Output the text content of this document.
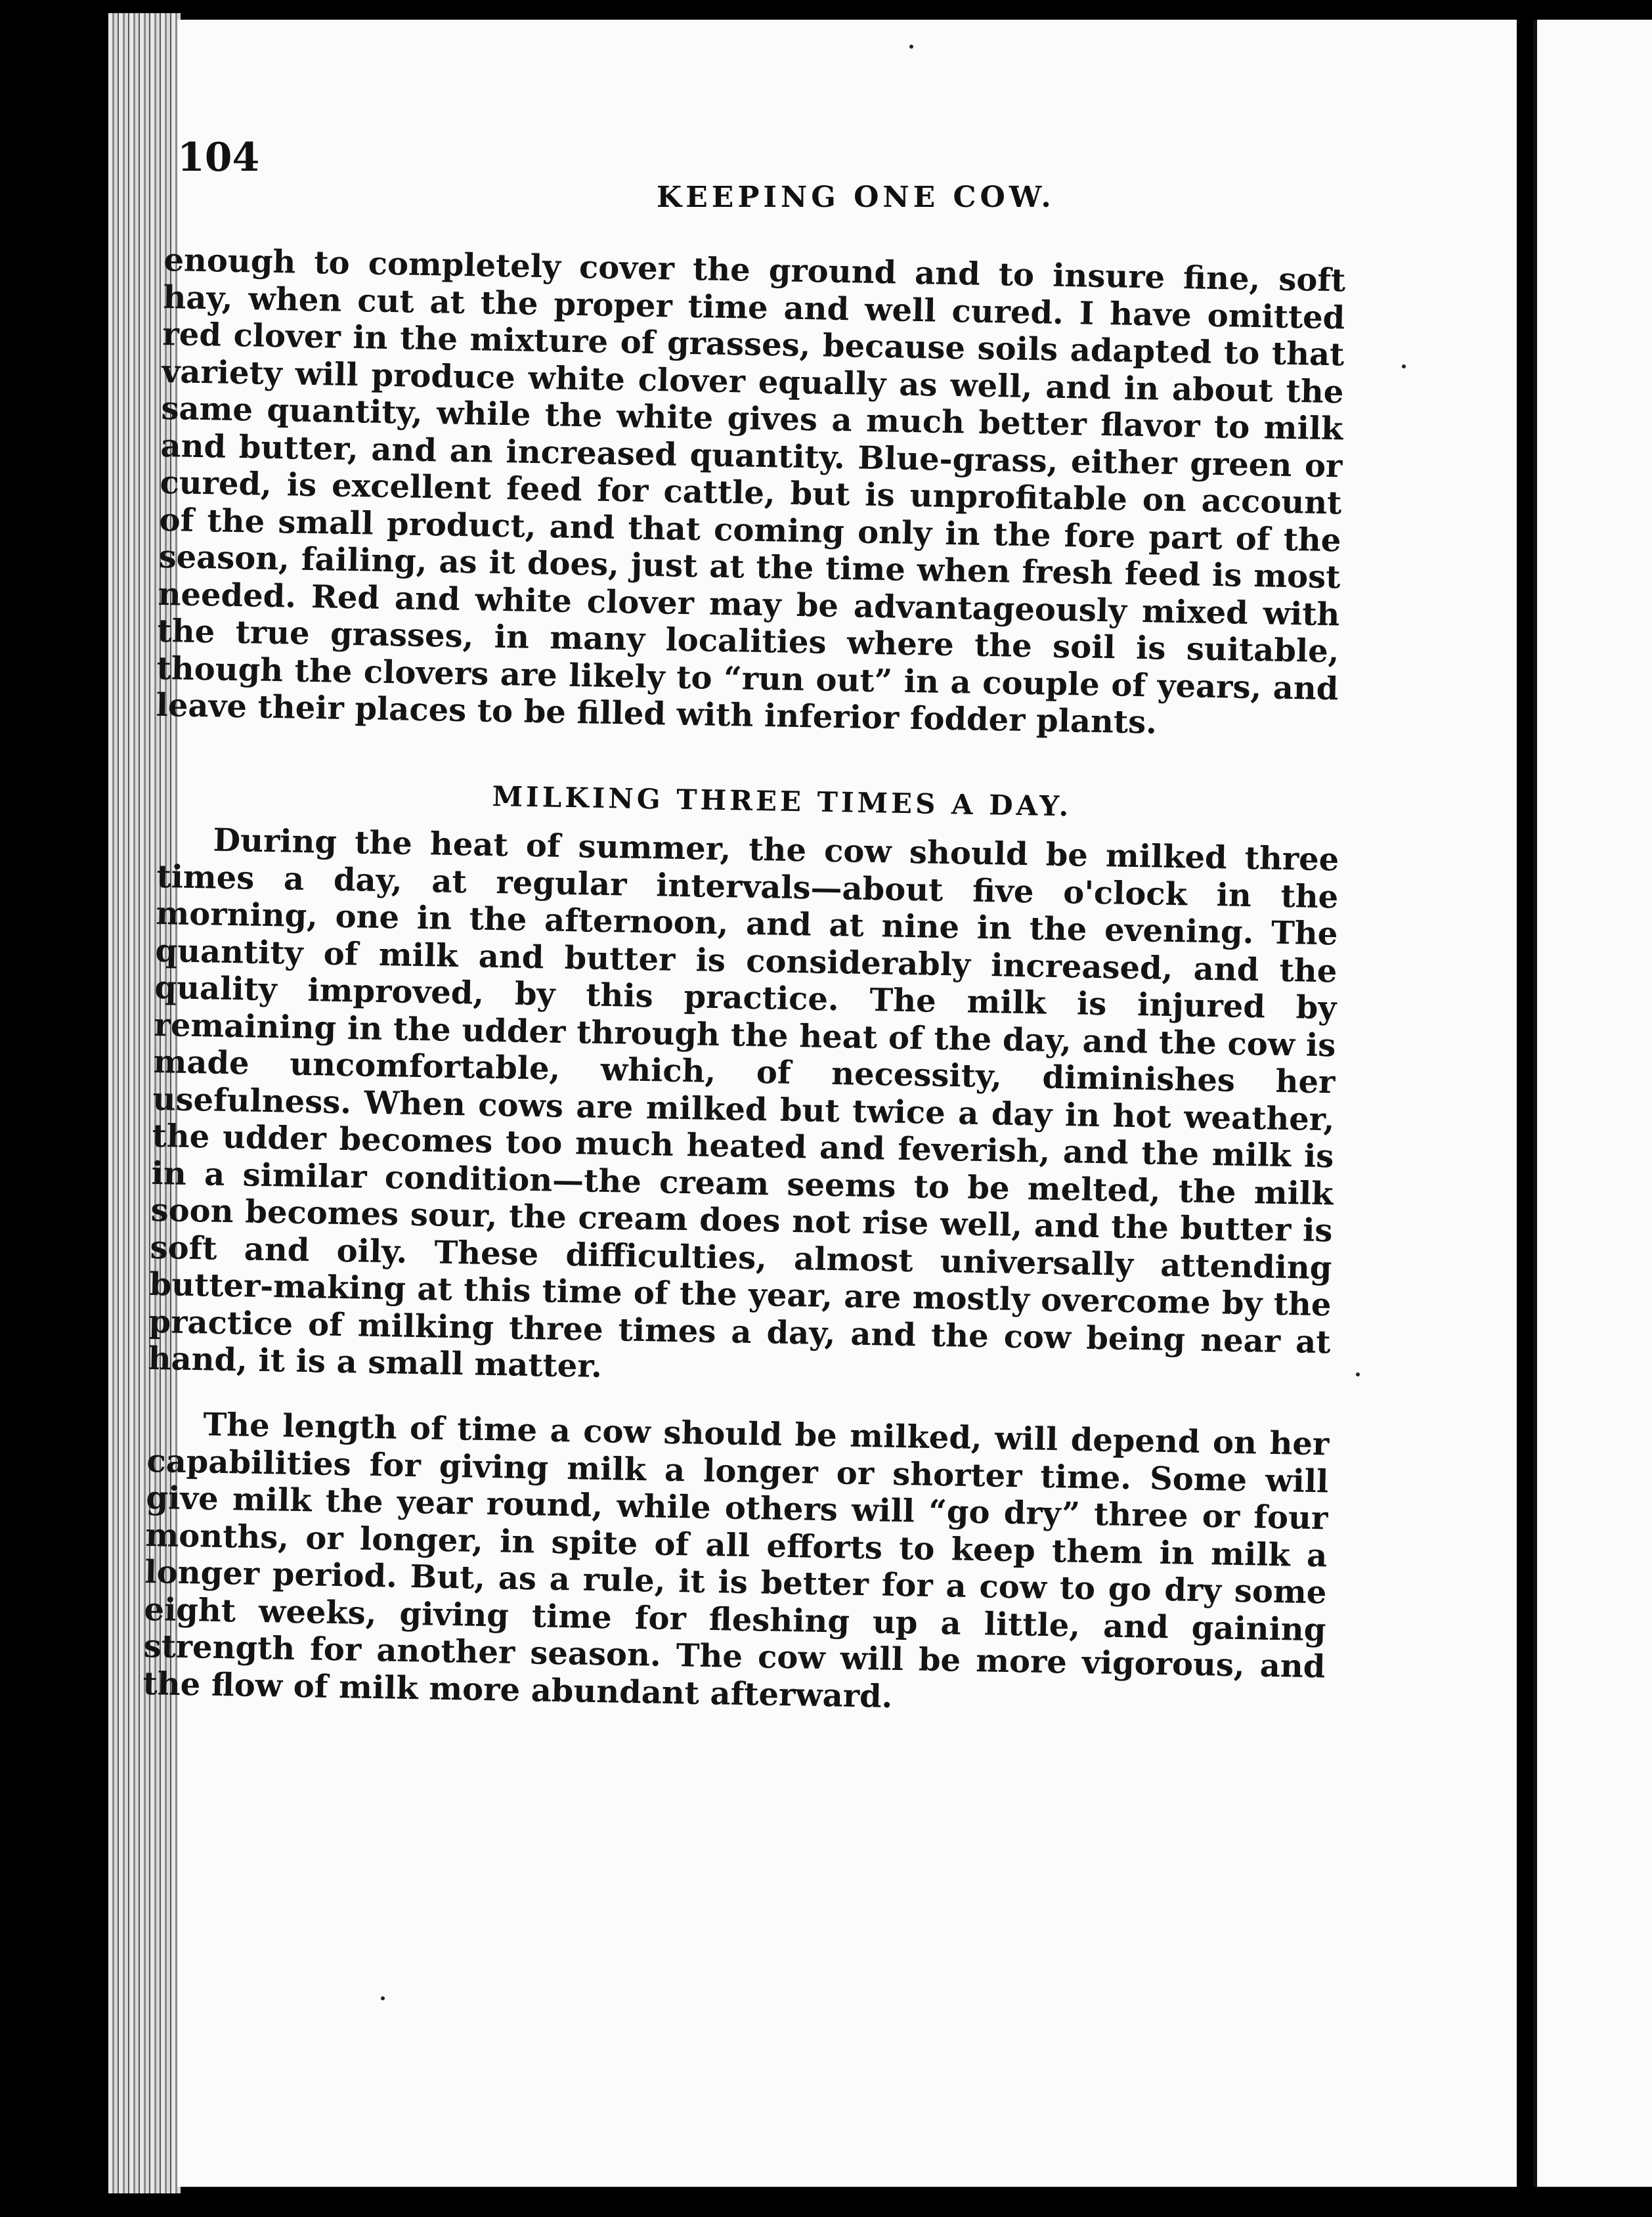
104
KEEPING ONE COW.
enough to completely cover the ground and to insure fine, soft hay, when cut at the proper time and well cured. I have omitted red clover in the mixture of grasses, because soils adapted to that variety will produce white clover equally as well, and in about the same quantity, while the white gives a much better flavor to milk and butter, and an increased quantity. Blue-grass, either green or cured, is excellent feed for cattle, but is unprofitable on account of the small product, and that coming only in the fore part of the season, failing, as it does, just at the time when fresh feed is most needed. Red and white clover may be advantageously mixed with the true grasses, in many localities where the soil is suitable, though the clovers are likely to “run out” in a couple of years, and leave their places to be filled with inferior fodder plants.
MILKING THREE TIMES A DAY.
During the heat of summer, the cow should be milked three times a day, at regular intervals—about five o'clock in the morning, one in the afternoon, and at nine in the evening. The quantity of milk and butter is considerably increased, and the quality improved, by this practice. The milk is injured by remaining in the udder through the heat of the day, and the cow is made uncomfortable, which, of necessity, diminishes her usefulness. When cows are milked but twice a day in hot weather, the udder becomes too much heated and feverish, and the milk is in a similar condition—the cream seems to be melted, the milk soon becomes sour, the cream does not rise well, and the butter is soft and oily. These difficulties, almost universally attending butter-making at this time of the year, are mostly overcome by the practice of milking three times a day, and the cow being near at hand, it is a small matter.
The length of time a cow should be milked, will depend on her capabilities for giving milk a longer or shorter time. Some will give milk the year round, while others will “go dry” three or four months, or longer, in spite of all efforts to keep them in milk a longer period. But, as a rule, it is better for a cow to go dry some eight weeks, giving time for fleshing up a little, and gaining strength for another season. The cow will be more vigorous, and the flow of milk more abundant afterward.
